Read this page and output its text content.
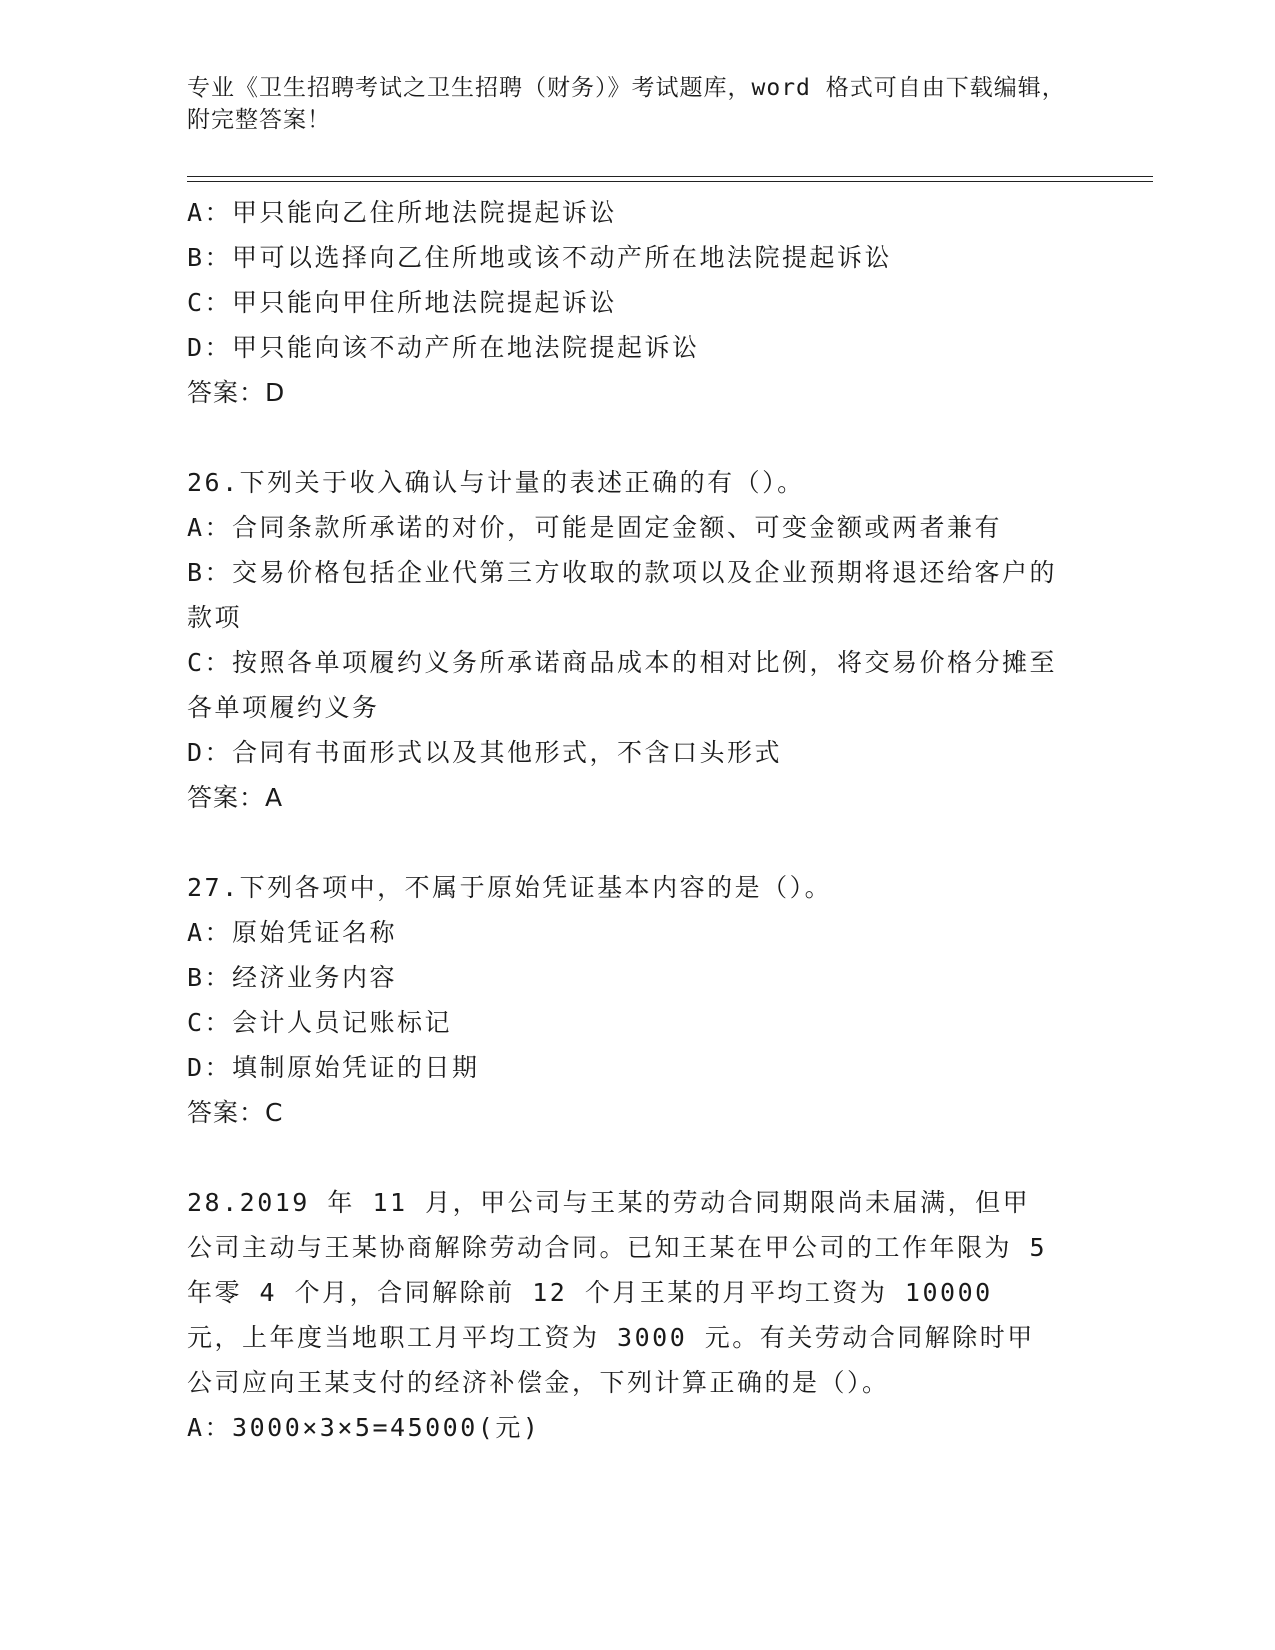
专业《卫生招聘考试之卫生招聘（财务）》考试题库，word 格式可自由下载编辑，附完整答案！
A：甲只能向乙住所地法院提起诉讼
B：甲可以选择向乙住所地或该不动产所在地法院提起诉讼
C：甲只能向甲住所地法院提起诉讼
D：甲只能向该不动产所在地法院提起诉讼
答案：D
26.下列关于收入确认与计量的表述正确的有（）。
A：合同条款所承诺的对价，可能是固定金额、可变金额或两者兼有
B：交易价格包括企业代第三方收取的款项以及企业预期将退还给客户的款项
C：按照各单项履约义务所承诺商品成本的相对比例，将交易价格分摊至各单项履约义务
D：合同有书面形式以及其他形式，不含口头形式
答案：A
27.下列各项中，不属于原始凭证基本内容的是（）。
A：原始凭证名称
B：经济业务内容
C：会计人员记账标记
D：填制原始凭证的日期
答案：C
28.2019 年 11 月，甲公司与王某的劳动合同期限尚未届满，但甲公司主动与王某协商解除劳动合同。已知王某在甲公司的工作年限为 5 年零 4 个月，合同解除前 12 个月王某的月平均工资为 10000 元，上年度当地职工月平均工资为 3000 元。有关劳动合同解除时甲公司应向王某支付的经济补偿金，下列计算正确的是（）。
A：3000×3×5=45000(元)
